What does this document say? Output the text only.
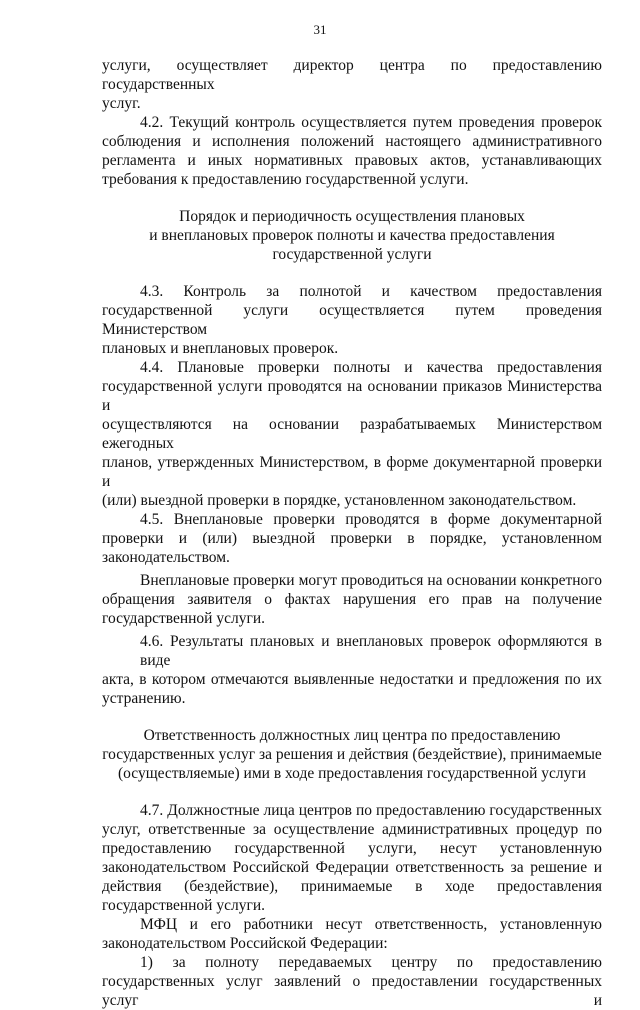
31
услуги, осуществляет директор центра по предоставлению государственных
услуг.
4.2. Текущий контроль осуществляется путем проведения проверок
соблюдения и исполнения положений настоящего административного
регламента и иных нормативных правовых актов, устанавливающих
требования к предоставлению государственной услуги.
Порядок и периодичность осуществления плановых
и внеплановых проверок полноты и качества предоставления
государственной услуги
4.3. Контроль за полнотой и качеством предоставления
государственной услуги осуществляется путем проведения Министерством
плановых и внеплановых проверок.
4.4. Плановые проверки полноты и качества предоставления
государственной услуги проводятся на основании приказов Министерства и
осуществляются на основании разрабатываемых Министерством ежегодных
планов, утвержденных Министерством, в форме документарной проверки и
(или) выездной проверки в порядке, установленном законодательством.
4.5. Внеплановые проверки проводятся в форме документарной
проверки и (или) выездной проверки в порядке, установленном
законодательством.
Внеплановые проверки могут проводиться на основании конкретного
обращения заявителя о фактах нарушения его прав на получение
государственной услуги.
4.6. Результаты плановых и внеплановых проверок оформляются в виде
акта, в котором отмечаются выявленные недостатки и предложения по их
устранению.
Ответственность должностных лиц центра по предоставлению
государственных услуг за решения и действия (бездействие), принимаемые
(осуществляемые) ими в ходе предоставления государственной услуги
4.7. Должностные лица центров по предоставлению государственных
услуг, ответственные за осуществление административных процедур по
предоставлению государственной услуги, несут установленную
законодательством Российской Федерации ответственность за решение и
действия (бездействие), принимаемые в ходе предоставления
государственной услуги.
МФЦ и его работники несут ответственность, установленную
законодательством Российской Федерации:
1) за полноту передаваемых центру по предоставлению
государственных услуг заявлений о предоставлении государственных услуг и
